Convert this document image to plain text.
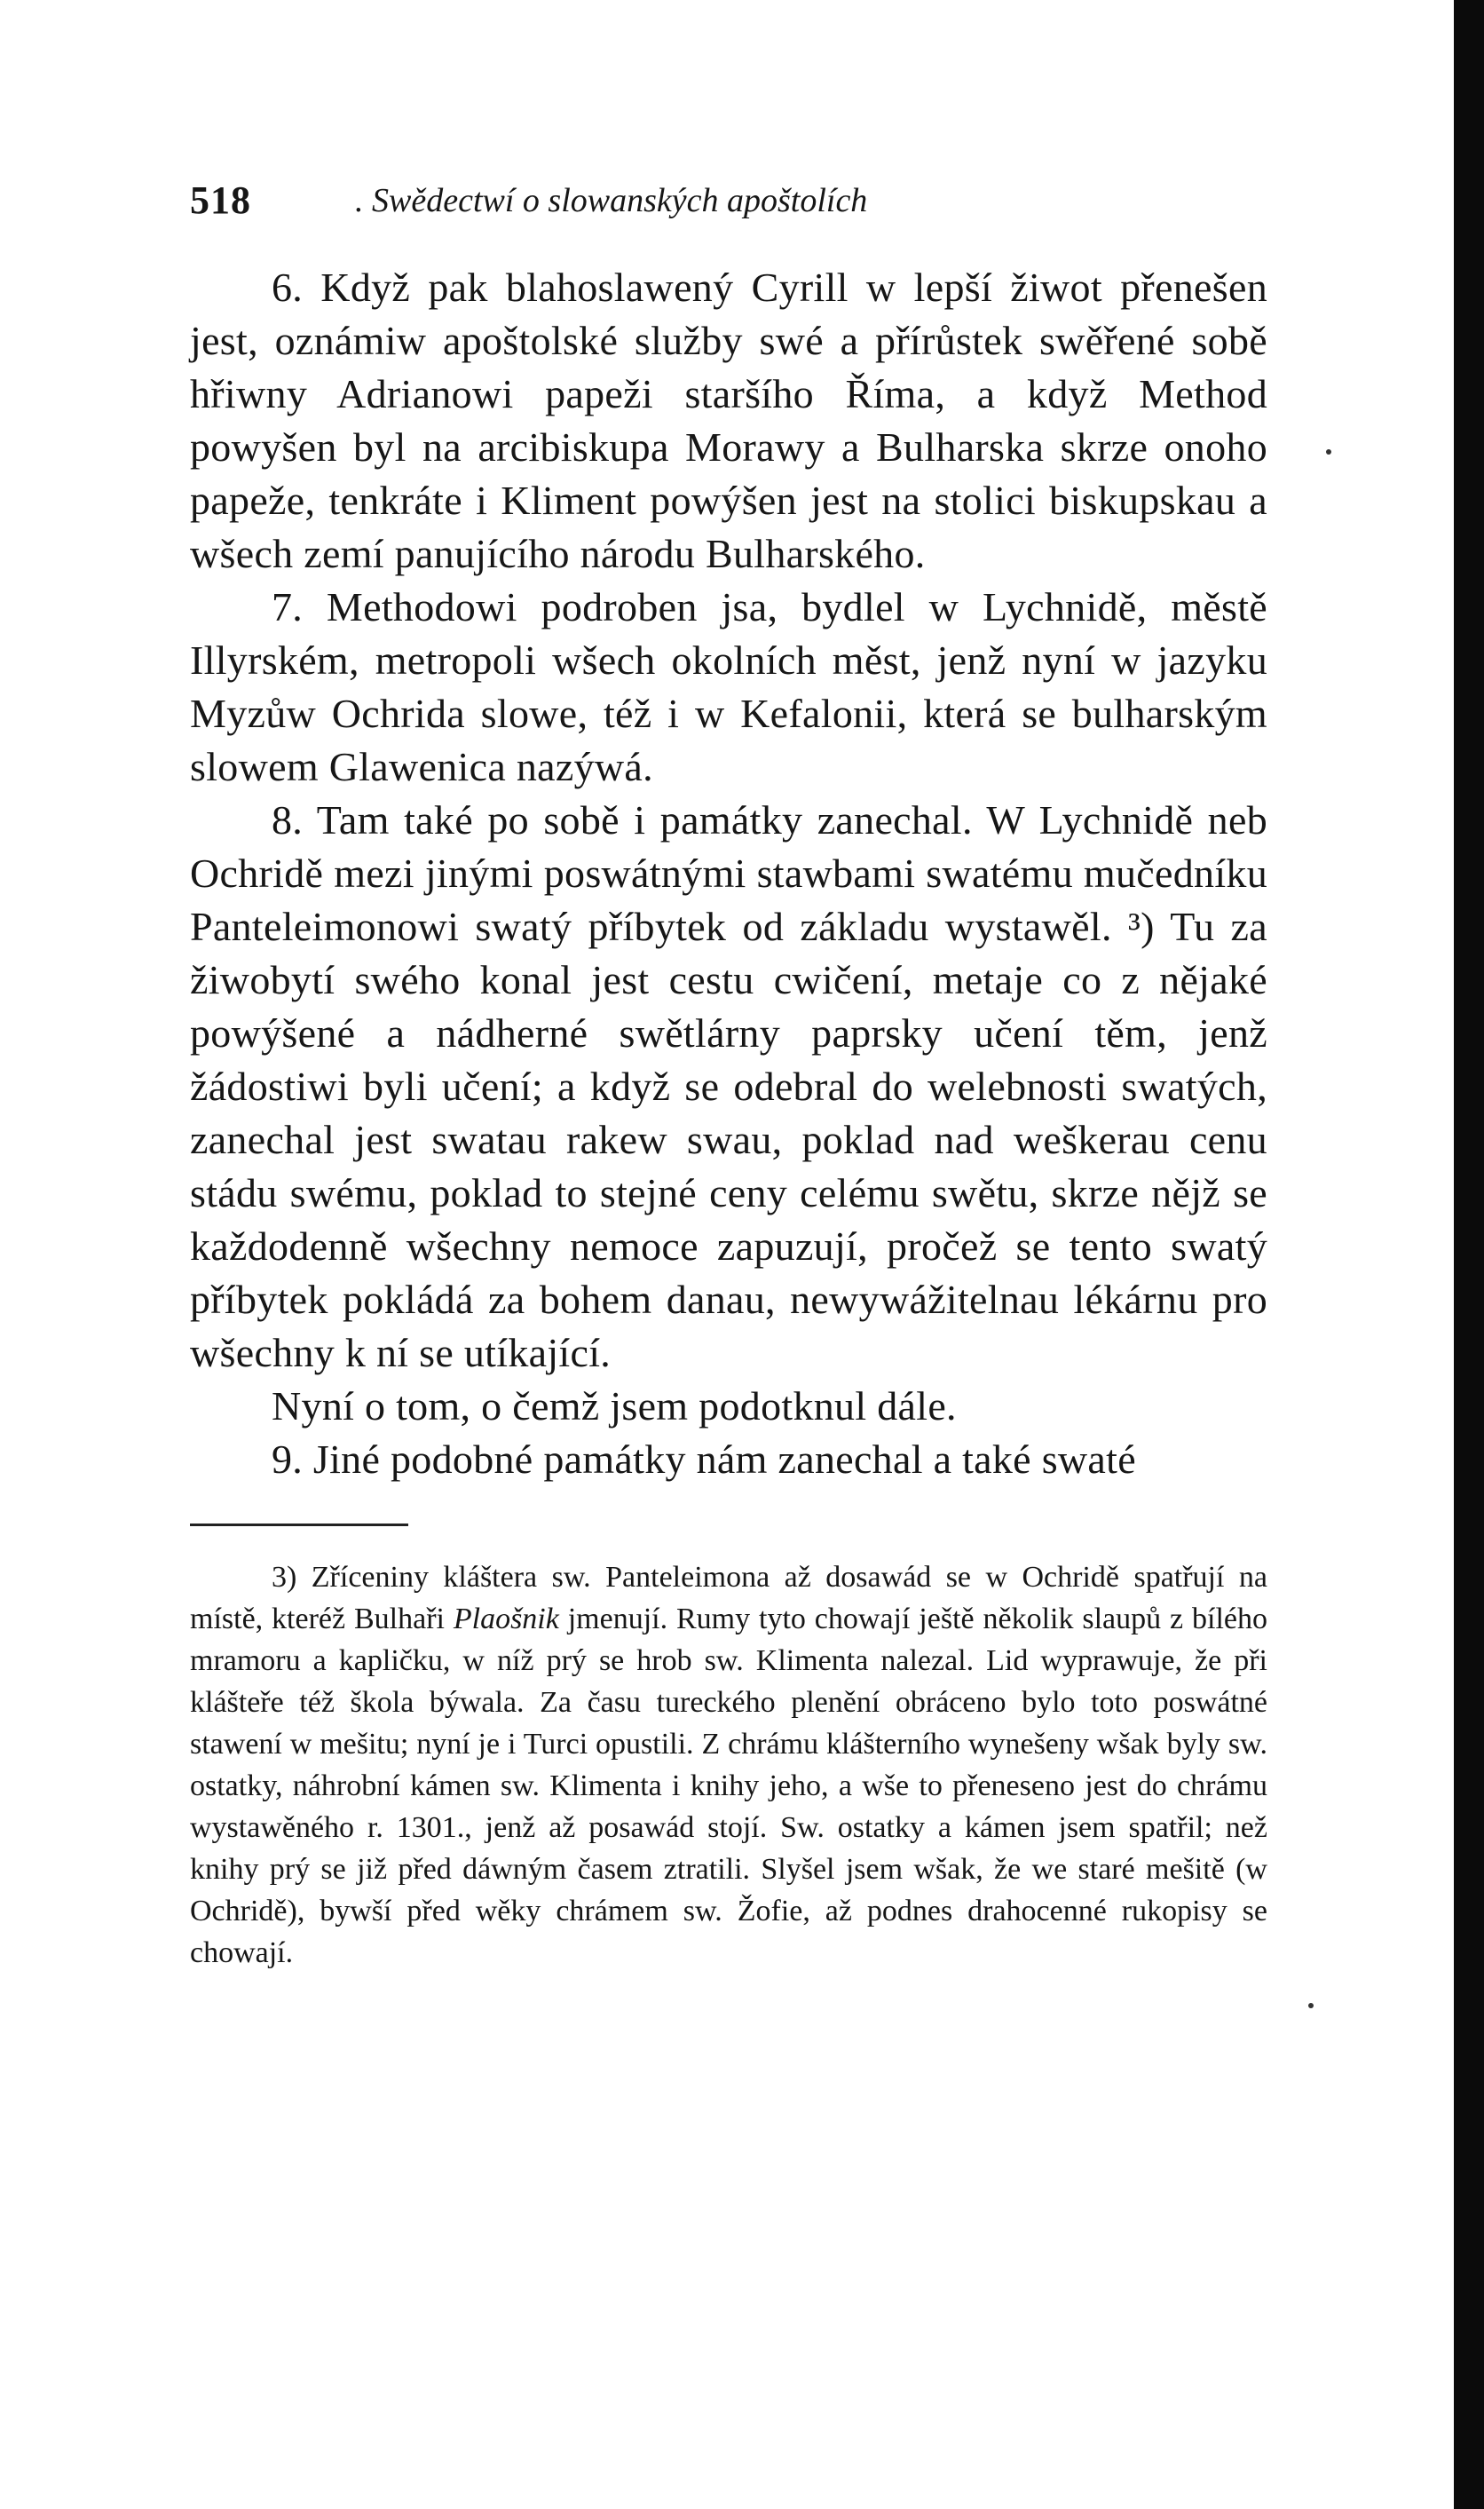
518	. Swědectwí o slowanských apoštolích

6. Když pak blahoslawený Cyrill w lepší žiwot přenešen jest, oznámiw apoštolské služby swé a přírůstek swěřené sobě hřiwny Adrianowi papeži staršího Říma, a když Method powyšen byl na arcibiskupa Morawy a Bulharska skrze onoho papeže, tenkráte i Kliment powýšen jest na stolici biskupskau a wšech zemí panujícího národu Bulharského.

7. Methodowi podroben jsa, bydlel w Lychnidě, městě Illyrském, metropoli wšech okolních měst, jenž nyní w jazyku Myzůw Ochrida slowe, též i w Kefalonii, která se bulharským slowem Glawenica nazýwá.

8. Tam také po sobě i památky zanechal. W Lychnidě neb Ochridě mezi jinými poswátnými stawbami swatému mučedníku Panteleimonowi swatý příbytek od základu wystawěl. ³) Tu za žiwobytí swého konal jest cestu cwičení, metaje co z nějaké powýšené a nádherné swětlárny paprsky učení těm, jenž žádostiwi byli učení; a když se odebral do welebnosti swatých, zanechal jest swatau rakew swau, poklad nad weškerau cenu stádu swému, poklad to stejné ceny celému swětu, skrze nějž se každodenně wšechny nemoce zapuzují, pročež se tento swatý příbytek pokládá za bohem danau, newywážitelnau lékárnu pro wšechny k ní se utíkající.

Nyní o tom, o čemž jsem podotknul dále.

9. Jiné podobné památky nám zanechal a také swaté

3) Zříceniny kláštera sw. Panteleimona až dosawád se w Ochridě spatřují na místě, kteréž Bulhaři Plaošnik jmenují. Rumy tyto chowají ještě několik slaupů z bílého mramoru a kapličku, w níž prý se hrob sw. Klimenta nalezal. Lid wyprawuje, že při klášteře též škola býwala. Za času tureckého plenění obráceno bylo toto poswátné stawení w mešitu; nyní je i Turci opustili. Z chrámu klášterního wynešeny wšak byly sw. ostatky, náhrobní kámen sw. Klimenta i knihy jeho, a wše to přeneseno jest do chrámu wystawěného r. 1301., jenž až posawád stojí. Sw. ostatky a kámen jsem spatřil; než knihy prý se již před dáwným časem ztratili. Slyšel jsem wšak, že we staré mešitě (w Ochridě), bywší před wěky chrámem sw. Žofie, až podnes drahocenné rukopisy se chowají.
